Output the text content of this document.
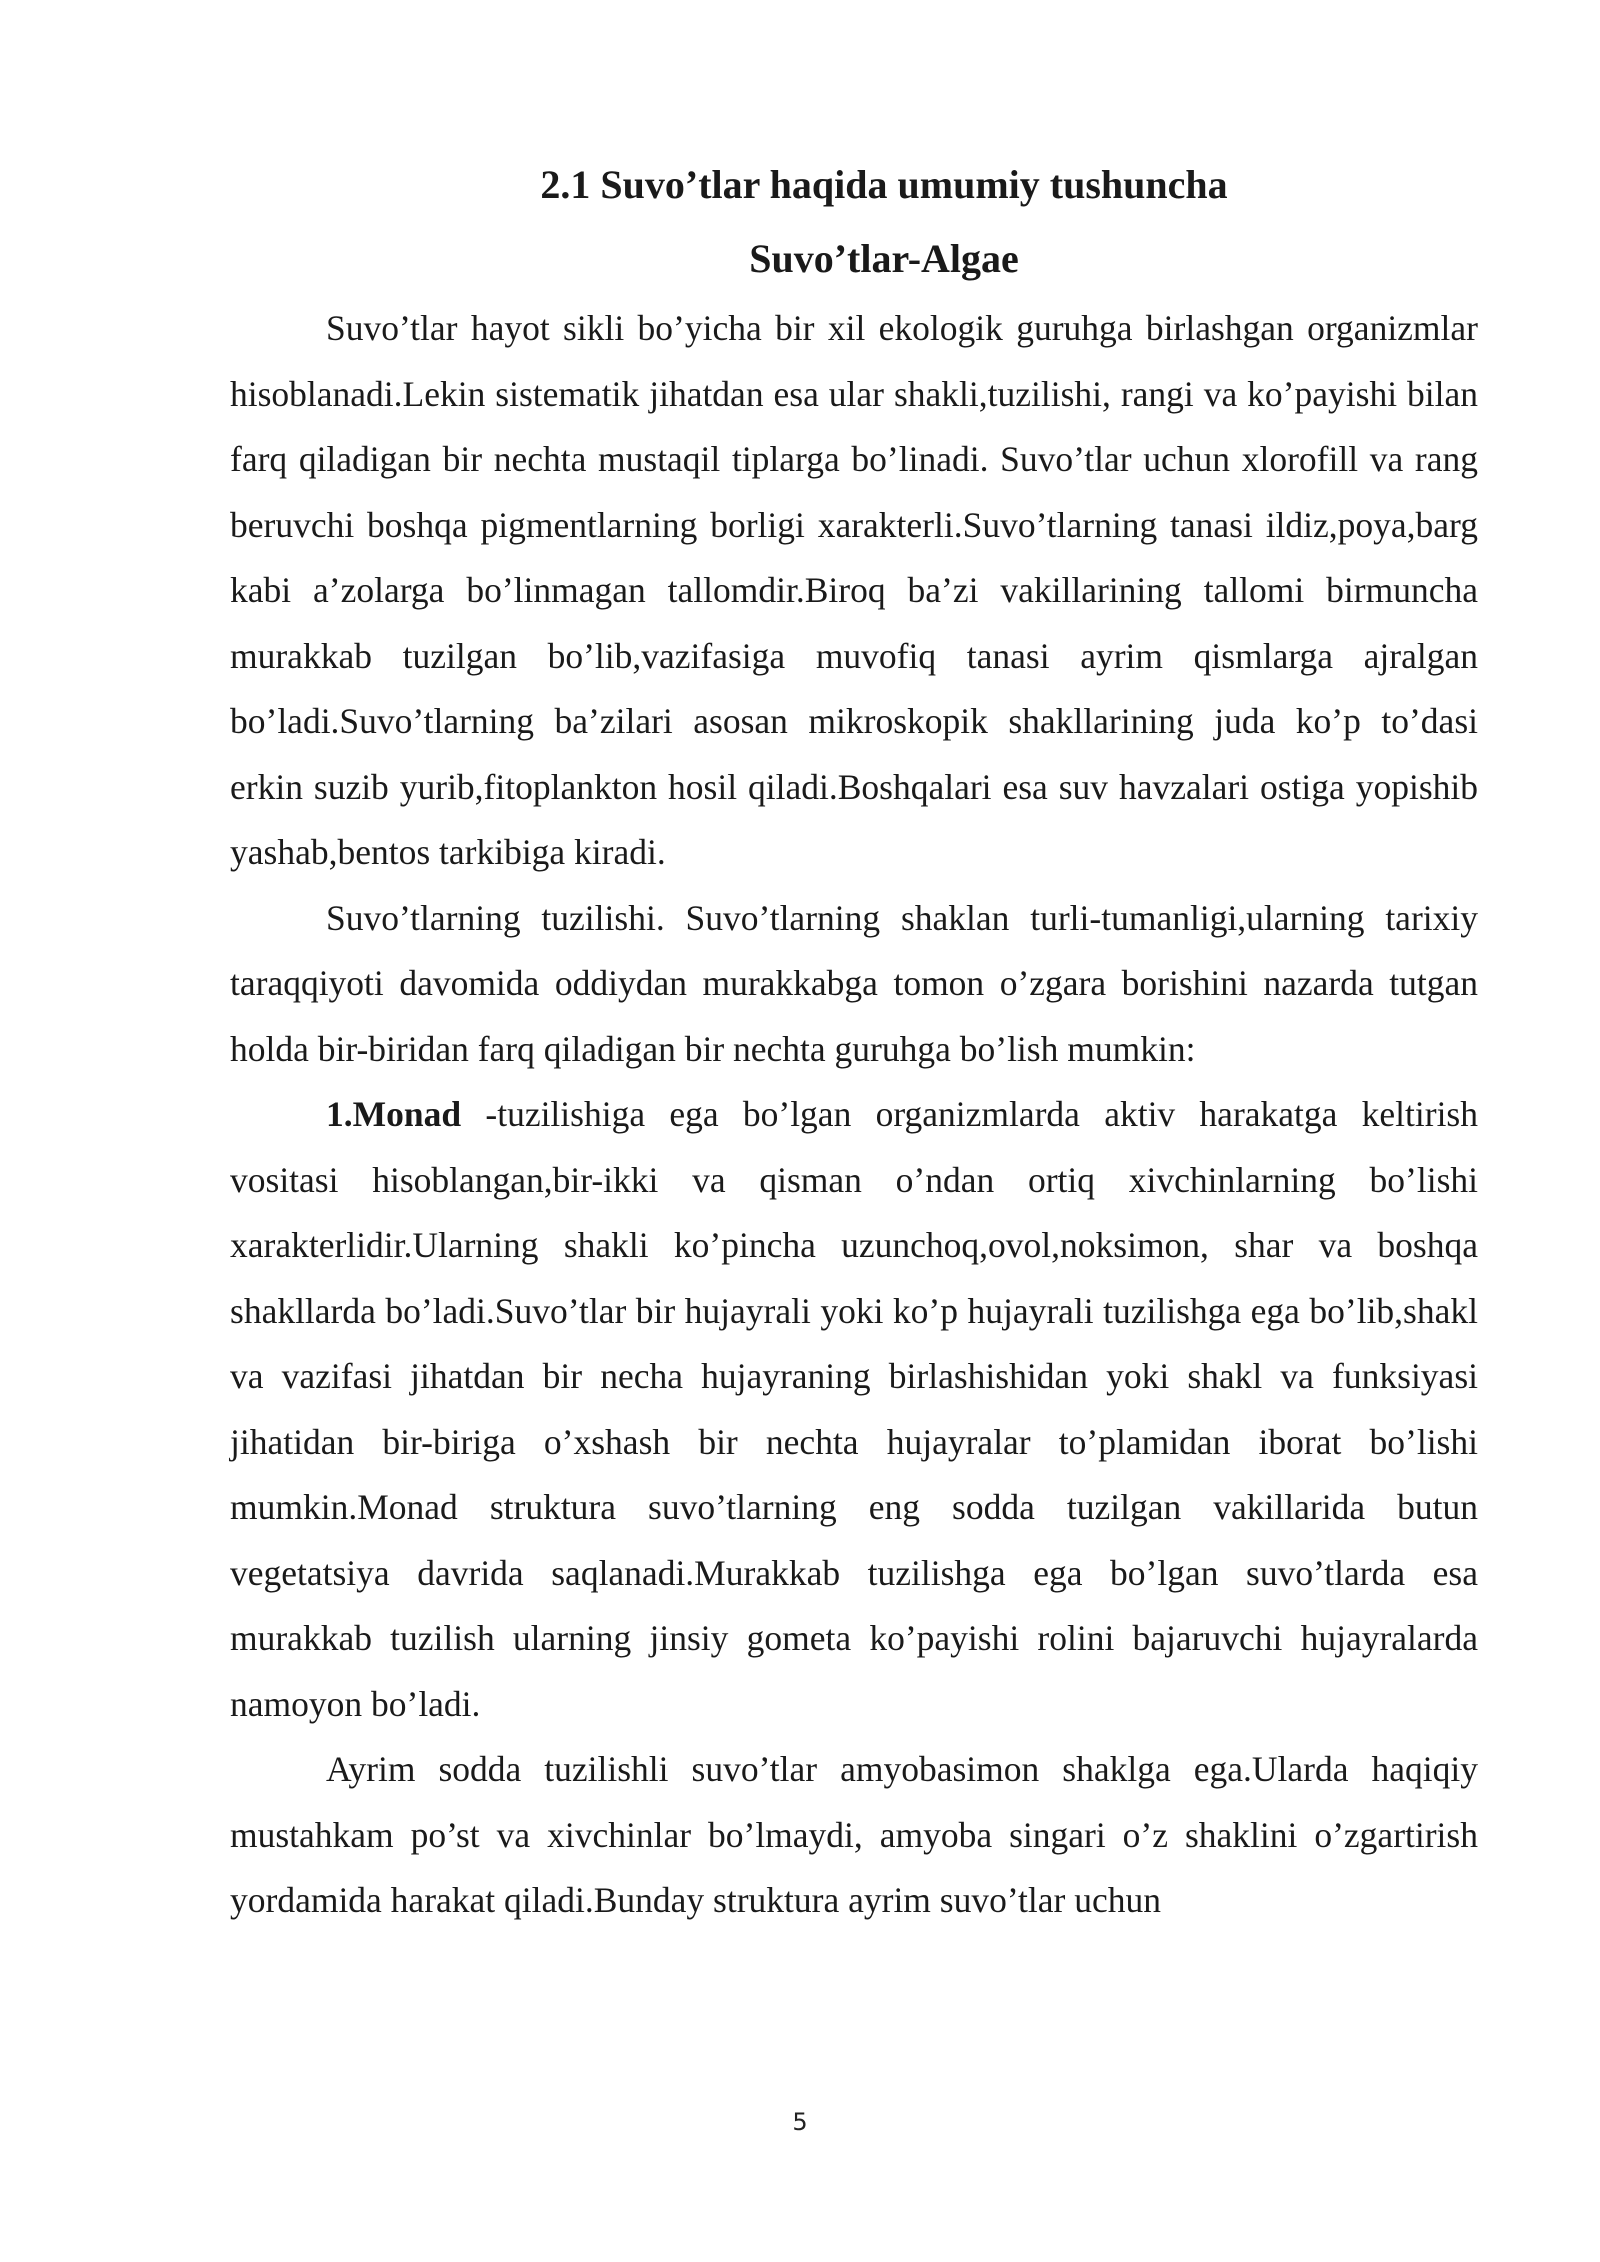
2.1 Suvo’tlar haqida umumiy tushuncha
Suvo’tlar-Algae

Suvo’tlar hayot sikli bo’yicha bir xil ekologik guruhga birlashgan organizmlar hisoblanadi.Lekin sistematik jihatdan esa ular shakli,tuzilishi, rangi va ko’payishi bilan farq qiladigan bir nechta mustaqil tiplarga bo’linadi. Suvo’tlar uchun xlorofill va rang beruvchi boshqa pigmentlarning borligi xarakterli.Suvo’tlarning tanasi ildiz,poya,barg kabi a’zolarga bo’linmagan tallomdir.Biroq ba’zi vakillarining tallomi birmuncha murakkab tuzilgan bo’lib,vazifasiga muvofiq tanasi ayrim qismlarga ajralgan bo’ladi.Suvo’tlarning ba’zilari asosan mikroskopik shakllarining juda ko’p to’dasi erkin suzib yurib,fitoplankton hosil qiladi.Boshqalari esa suv havzalari ostiga yopishib yashab,bentos tarkibiga kiradi.

Suvo’tlarning tuzilishi. Suvo’tlarning shaklan turli-tumanligi,ularning tarixiy taraqqiyoti davomida oddiydan murakkabga tomon o’zgara borishini nazarda tutgan holda bir-biridan farq qiladigan bir nechta guruhga bo’lish mumkin:

1.Monad -tuzilishiga ega bo’lgan organizmlarda aktiv harakatga keltirish vositasi hisoblangan,bir-ikki va qisman o’ndan ortiq xivchinlarning bo’lishi xarakterlidir.Ularning shakli ko’pincha uzunchoq,ovol,noksimon, shar va boshqa shakllarda bo’ladi.Suvo’tlar bir hujayrali yoki ko’p hujayrali tuzilishga ega bo’lib,shakl va vazifasi jihatdan bir necha hujayraning birlashishidan yoki shakl va funksiyasi jihatidan bir-biriga o’xshash bir nechta hujayralar to’plamidan iborat bo’lishi mumkin.Monad struktura suvo’tlarning eng sodda tuzilgan vakillarida butun vegetatsiya davrida saqlanadi.Murakkab tuzilishga ega bo’lgan suvo’tlarda esa murakkab tuzilish ularning jinsiy gometa ko’payishi rolini bajaruvchi hujayralarda namoyon bo’ladi.

Ayrim sodda tuzilishli suvo’tlar amyobasimon shaklga ega.Ularda haqiqiy mustahkam po’st va xivchinlar bo’lmaydi, amyoba singari o’z shaklini o’zgartirish yordamida harakat qiladi.Bunday struktura ayrim suvo’tlar uchun

5
